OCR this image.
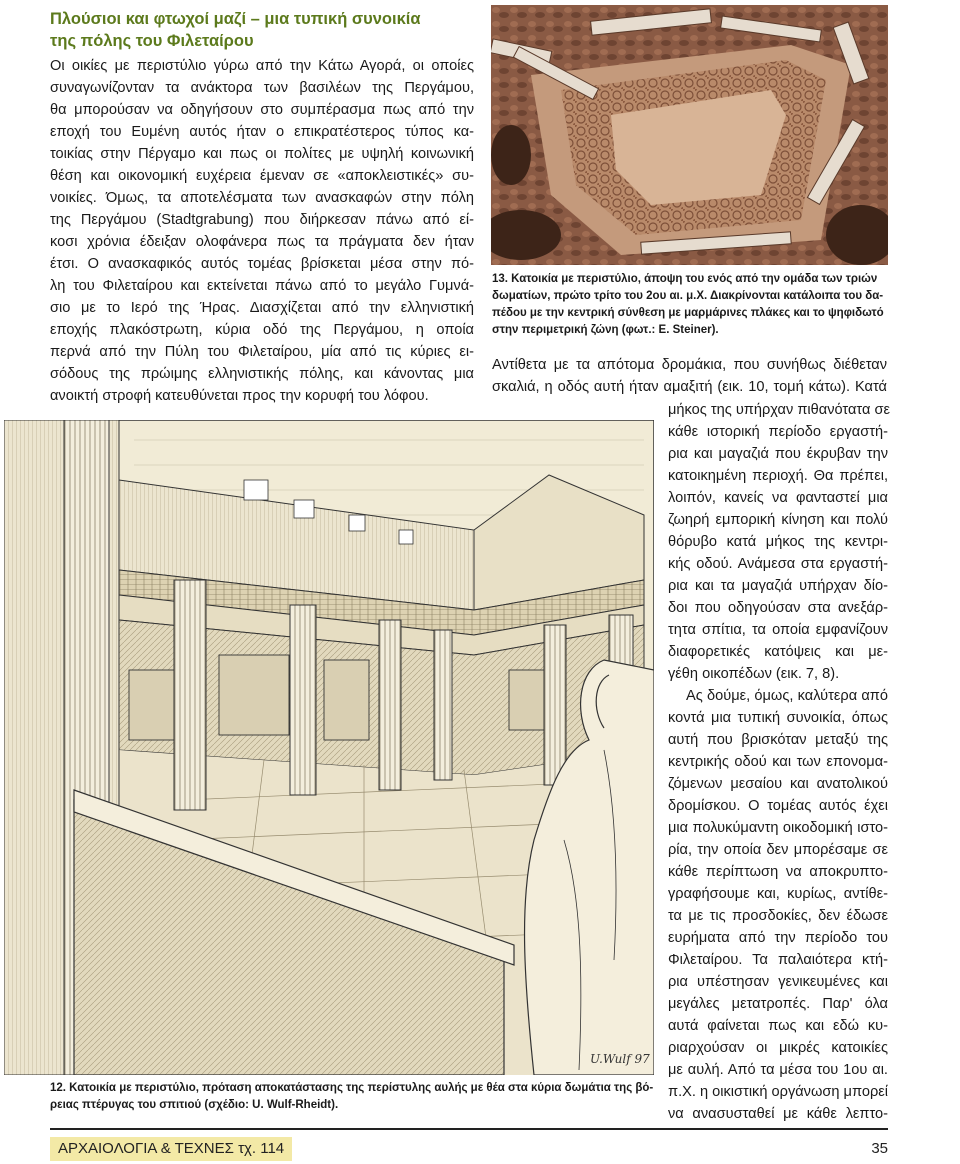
Πλούσιοι και φτωχοί μαζί – μια τυπική συνοικία
της πόλης του Φιλεταίρου
Οι οικίες με περιστύλιο γύρω από την Κάτω Αγορά, οι οποίες
συναγωνίζονταν τα ανάκτορα των βασιλέων της Περγάμου,
θα μπορούσαν να οδηγήσουν στο συμπέρασμα πως από την
εποχή του Ευμένη αυτός ήταν ο επικρατέστερος τύπος κα-
τοικίας στην Πέργαμο και πως οι πολίτες με υψηλή κοινωνική
θέση και οικονομική ευχέρεια έμεναν σε «αποκλειστικές» συ-
νοικίες. Όμως, τα αποτελέσματα των ανασκαφών στην πόλη
της Περγάμου (Stadtgrabung) που διήρκεσαν πάνω από εί-
κοσι χρόνια έδειξαν ολοφάνερα πως τα πράγματα δεν ήταν
έτσι. Ο ανασκαφικός αυτός τομέας βρίσκεται μέσα στην πό-
λη του Φιλεταίρου και εκτείνεται πάνω από το μεγάλο Γυμνά-
σιο με το Ιερό της Ήρας. Διασχίζεται από την ελληνιστική
εποχής πλακόστρωτη, κύρια οδό της Περγάμου, η οποία
περνά από την Πύλη του Φιλεταίρου, μία από τις κύριες ει-
σόδους της πρώιμης ελληνιστικής πόλης, και κάνοντας μια
ανοικτή στροφή κατευθύνεται προς την κορυφή του λόφου.
13. Κατοικία με περιστύλιο, άποψη του ενός από την ομάδα των τριών
δωματίων, πρώτο τρίτο του 2ου αι. μ.Χ. Διακρίνονται κατάλοιπα του δα-
πέδου με την κεντρική σύνθεση με μαρμάρινες πλάκες και το ψηφιδωτό
στην περιμετρική ζώνη (φωτ.: E. Steiner).
Αντίθετα με τα απότομα δρομάκια, που συνήθως διέθεταν
σκαλιά, η οδός αυτή ήταν αμαξιτή (εικ. 10, τομή κάτω). Κατά
μήκος της υπήρχαν πιθανότατα σε
κάθε ιστορική περίοδο εργαστή-
ρια και μαγαζιά που έκρυβαν την
κατοικημένη περιοχή. Θα πρέπει,
λοιπόν, κανείς να φανταστεί μια
ζωηρή εμπορική κίνηση και πολύ
θόρυβο κατά μήκος της κεντρι-
κής οδού. Ανάμεσα στα εργαστή-
ρια και τα μαγαζιά υπήρχαν δίο-
δοι που οδηγούσαν στα ανεξάρ-
τητα σπίτια, τα οποία εμφανίζουν
διαφορετικές κατόψεις και με-
γέθη οικοπέδων (εικ. 7, 8).
Ας δούμε, όμως, καλύτερα από
κοντά μια τυπική συνοικία, όπως
αυτή που βρισκόταν μεταξύ της
κεντρικής οδού και των επονομα-
ζόμενων μεσαίου και ανατολικού
δρομίσκου. Ο τομέας αυτός έχει
μια πολυκύμαντη οικοδομική ιστο-
ρία, την οποία δεν μπορέσαμε σε
κάθε περίπτωση να αποκρυπτο-
γραφήσουμε και, κυρίως, αντίθε-
τα με τις προσδοκίες, δεν έδωσε
ευρήματα από την περίοδο του
Φιλεταίρου. Τα παλαιότερα κτή-
ρια υπέστησαν γενικευμένες και
μεγάλες μετατροπές. Παρ' όλα
αυτά φαίνεται πως και εδώ κυ-
ριαρχούσαν οι μικρές κατοικίες
με αυλή. Από τα μέσα του 1ου αι.
π.Χ. η οικιστική οργάνωση μπορεί
να ανασυσταθεί με κάθε λεπτο-
U.Wulf 97
12. Κατοικία με περιστύλιο, πρόταση αποκατάστασης της περίστυλης αυλής με θέα στα κύρια δωμάτια της βό-
ρειας πτέρυγας του σπιτιού (σχέδιο: U. Wulf-Rheidt).
ΑΡΧΑΙΟΛΟΓΙΑ & ΤΕΧΝΕΣ τχ. 114	35
